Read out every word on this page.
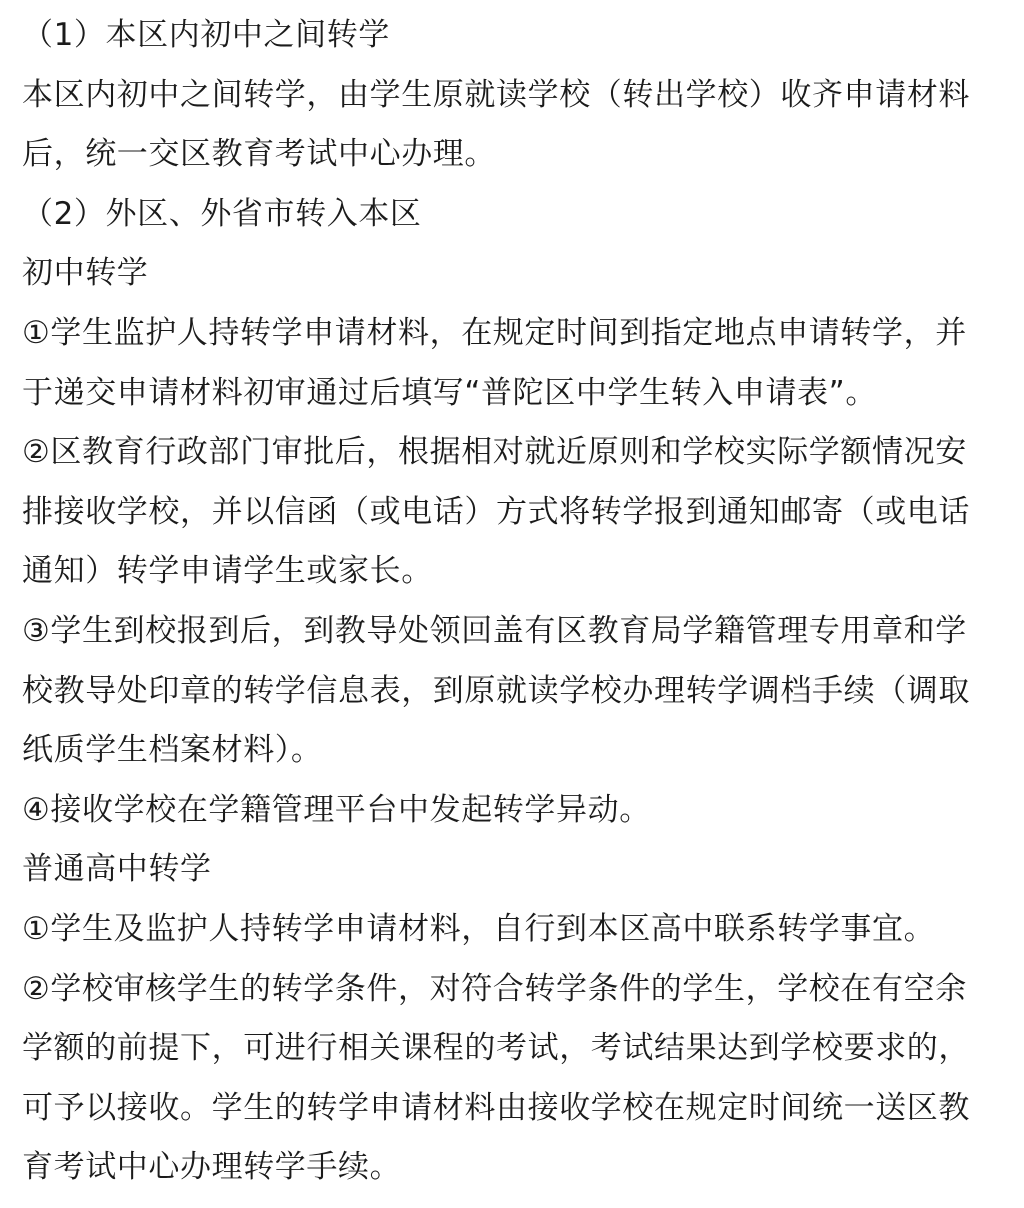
（1）本区内初中之间转学

本区内初中之间转学，由学生原就读学校（转出学校）收齐申请材料

后，统一交区教育考试中心办理。

（2）外区、外省市转入本区

初中转学

①学生监护人持转学申请材料，在规定时间到指定地点申请转学，并

于递交申请材料初审通过后填写“普陀区中学生转入申请表”。

②区教育行政部门审批后，根据相对就近原则和学校实际学额情况安

排接收学校，并以信函（或电话）方式将转学报到通知邮寄（或电话

通知）转学申请学生或家长。

③学生到校报到后，到教导处领回盖有区教育局学籍管理专用章和学

校教导处印章的转学信息表，到原就读学校办理转学调档手续（调取

纸质学生档案材料）。

④接收学校在学籍管理平台中发起转学异动。

普通高中转学

①学生及监护人持转学申请材料，自行到本区高中联系转学事宜。

②学校审核学生的转学条件，对符合转学条件的学生，学校在有空余

学额的前提下，可进行相关课程的考试，考试结果达到学校要求的，

可予以接收。学生的转学申请材料由接收学校在规定时间统一送区教

育考试中心办理转学手续。
